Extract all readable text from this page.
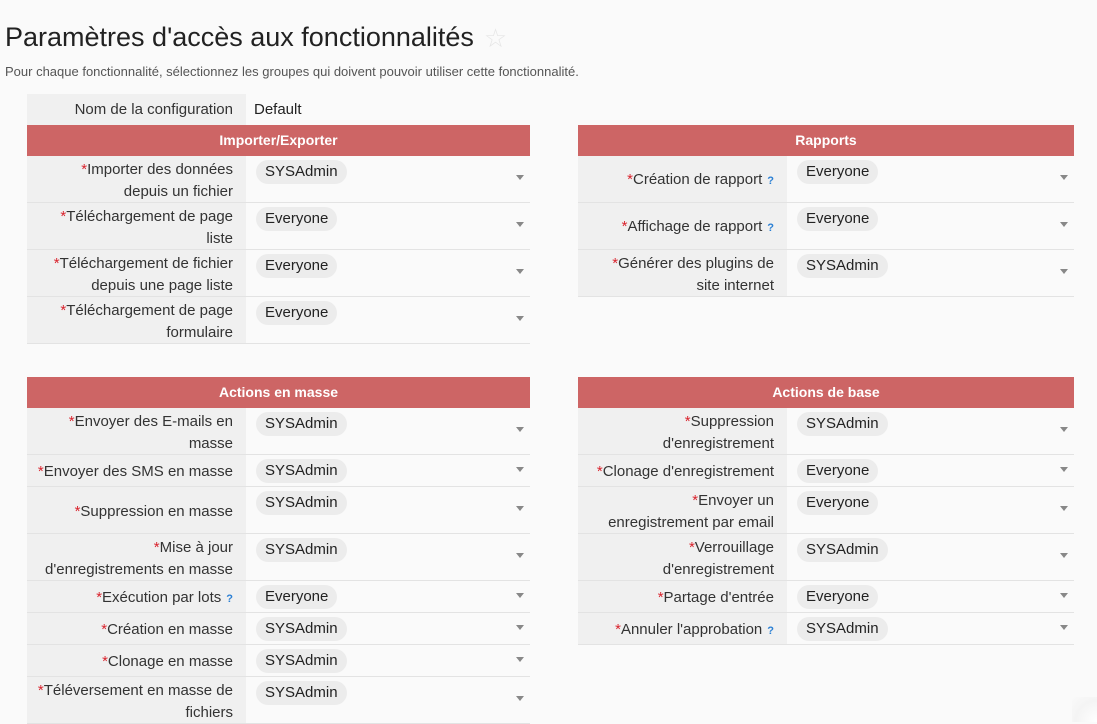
Paramètres d'accès aux fonctionnalités ☆
Pour chaque fonctionnalité, sélectionnez les groupes qui doivent pouvoir utiliser cette fonctionnalité.
Nom de la configuration	Default
Importer/Exporter
*Importer des données
depuis un fichier
SYSAdmin
*Téléchargement de page
liste
Everyone
*Téléchargement de fichier
depuis une page liste
Everyone
*Téléchargement de page
formulaire
Everyone
Rapports
*Création de rapport ?
Everyone
*Affichage de rapport ?
Everyone
*Générer des plugins de
site internet
SYSAdmin
Actions en masse
*Envoyer des E-mails en
masse
SYSAdmin
*Envoyer des SMS en masse	SYSAdmin
*Suppression en masse	SYSAdmin
*Mise à jour
d'enregistrements en masse
SYSAdmin
*Exécution par lots ?	Everyone
*Création en masse	SYSAdmin
*Clonage en masse	SYSAdmin
*Téléversement en masse de
fichiers
SYSAdmin
Actions de base
*Suppression
d'enregistrement
SYSAdmin
*Clonage d'enregistrement	Everyone
*Envoyer un
enregistrement par email
Everyone
*Verrouillage
d'enregistrement
SYSAdmin
*Partage d'entrée	Everyone
*Annuler l'approbation ?	SYSAdmin
